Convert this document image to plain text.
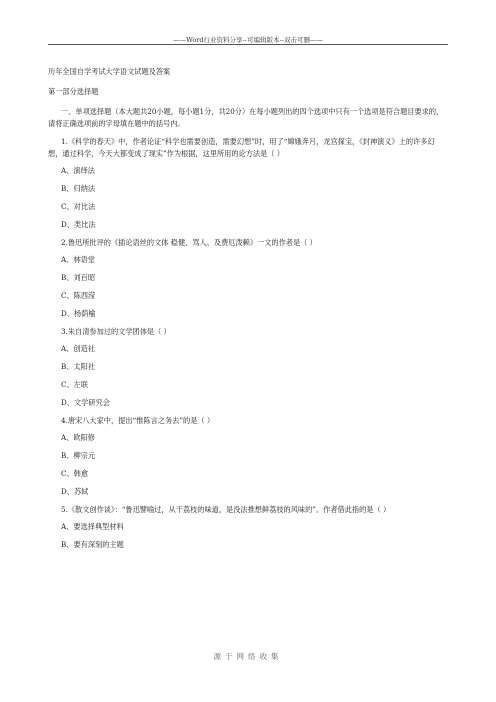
——Word行业资料分享--可编辑版本--双击可删——
历年全国自学考试大学语文试题及答案
第一部分选择题
一、单项选择题（本大题共20小题，每小题1分，共20分）在每小题列出的四个选项中只有一个选项是符合题目要求的，请将正确选项前的字母填在题中的括号内。
1.《科学的春天》中，作者论证“科学也需要创造，需要幻想”时，用了“嫦娥奔月，龙宫探宝，《封神演义》上的许多幻想，通过科学，今天大都变成了现实”作为根据，这里所用的论方法是（ ）
A、演绎法
B、归纳法
C、对比法
D、类比法
2.鲁迅所批评的《插论语丝的文体 稳健、骂人、及费厄泼赖》一文的作者是（ ）
A、林语堂
B、刘百昭
C、陈西滢
D、杨荫榆
3.朱自清参加过的文学团体是（ ）
A、创造社
B、太阳社
C、左联
D、文学研究会
4.唐宋八大家中，提出“惟陈言之务去”的是（ ）
A、欧阳修
B、柳宗元
C、韩愈
D、苏轼
5.《散文创作谈》：“鲁迅譬喻过，从干荔枝的味道，是没法推想鲜荔枝的风味的”。作者借此指的是（ ）
A、要选择典型材料
B、要有深刻的主题
源于网络收集
